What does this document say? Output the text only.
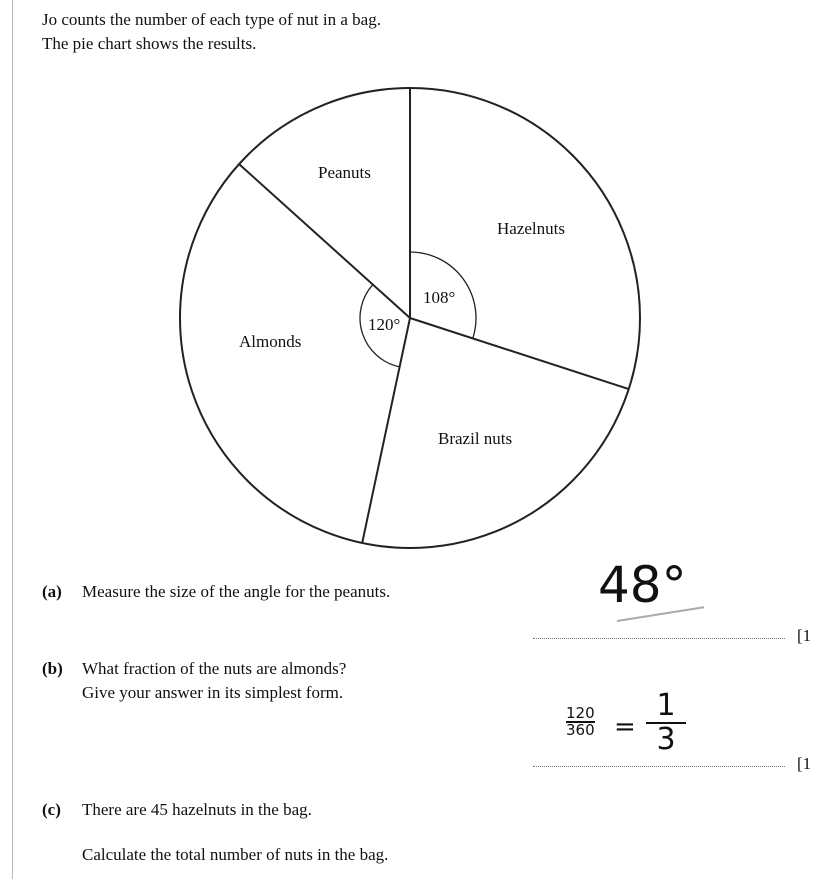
Jo counts the number of each type of nut in a bag.
The pie chart shows the results.
Peanuts
Hazelnuts
Almonds
Brazil nuts
108°
120°
(a) Measure the size of the angle for the peanuts.	48°
[1
(b) What fraction of the nuts are almonds?
Give your answer in its simplest form.
$\frac{120}{360} = \frac{1}{3}$
[1
(c) There are 45 hazelnuts in the bag.
Calculate the total number of nuts in the bag.
